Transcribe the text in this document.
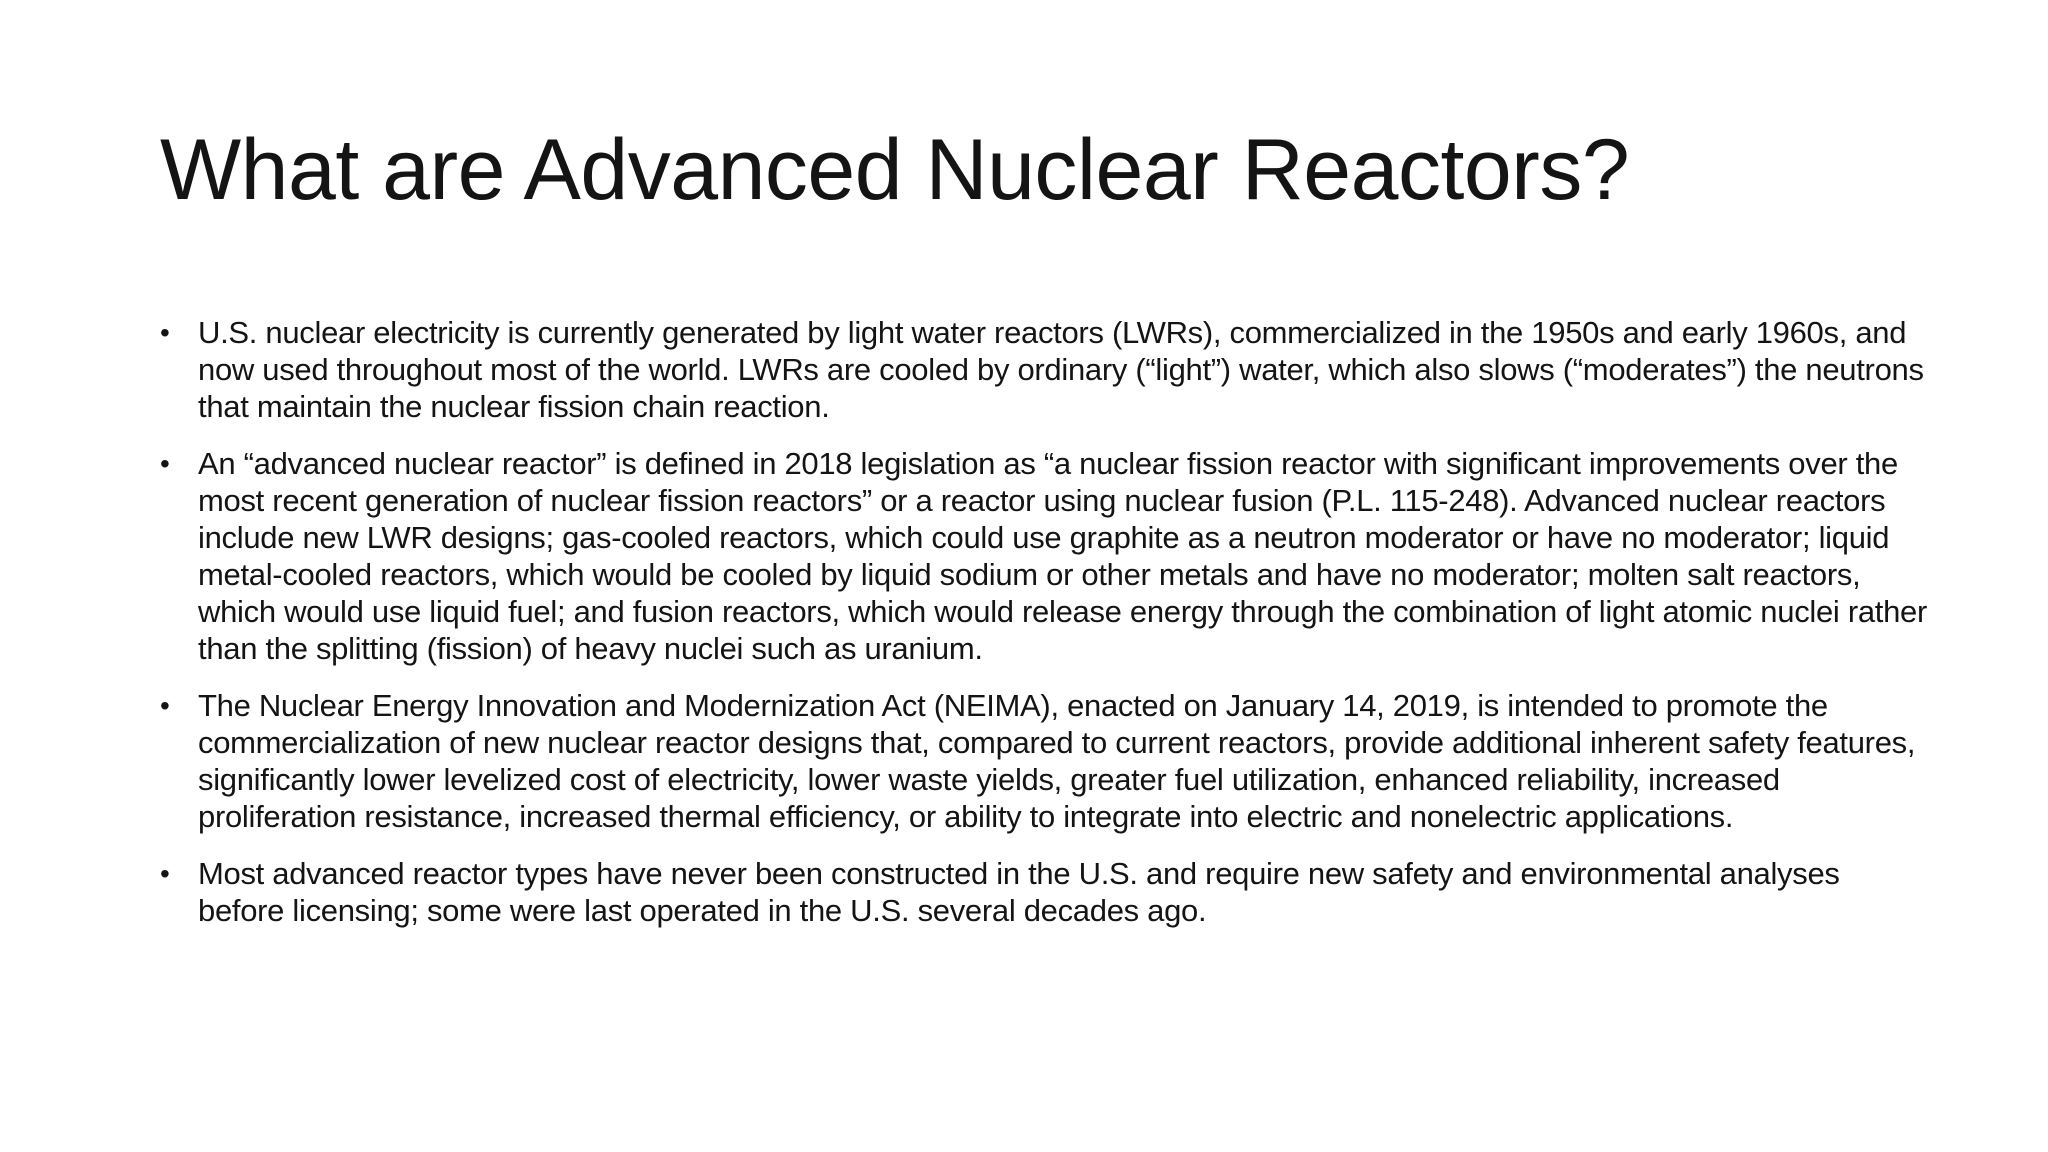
What are Advanced Nuclear Reactors?
• U.S. nuclear electricity is currently generated by light water reactors (LWRs), commercialized in the 1950s and early 1960s, and now used throughout most of the world. LWRs are cooled by ordinary (“light”) water, which also slows (“moderates”) the neutrons that maintain the nuclear fission chain reaction.
• An “advanced nuclear reactor” is defined in 2018 legislation as “a nuclear fission reactor with significant improvements over the most recent generation of nuclear fission reactors” or a reactor using nuclear fusion (P.L. 115-248). Advanced nuclear reactors include new LWR designs; gas-cooled reactors, which could use graphite as a neutron moderator or have no moderator; liquid metal-cooled reactors, which would be cooled by liquid sodium or other metals and have no moderator; molten salt reactors, which would use liquid fuel; and fusion reactors, which would release energy through the combination of light atomic nuclei rather than the splitting (fission) of heavy nuclei such as uranium.
• The Nuclear Energy Innovation and Modernization Act (NEIMA), enacted on January 14, 2019, is intended to promote the commercialization of new nuclear reactor designs that, compared to current reactors, provide additional inherent safety features, significantly lower levelized cost of electricity, lower waste yields, greater fuel utilization, enhanced reliability, increased proliferation resistance, increased thermal efficiency, or ability to integrate into electric and nonelectric applications.
• Most advanced reactor types have never been constructed in the U.S. and require new safety and environmental analyses before licensing; some were last operated in the U.S. several decades ago.
